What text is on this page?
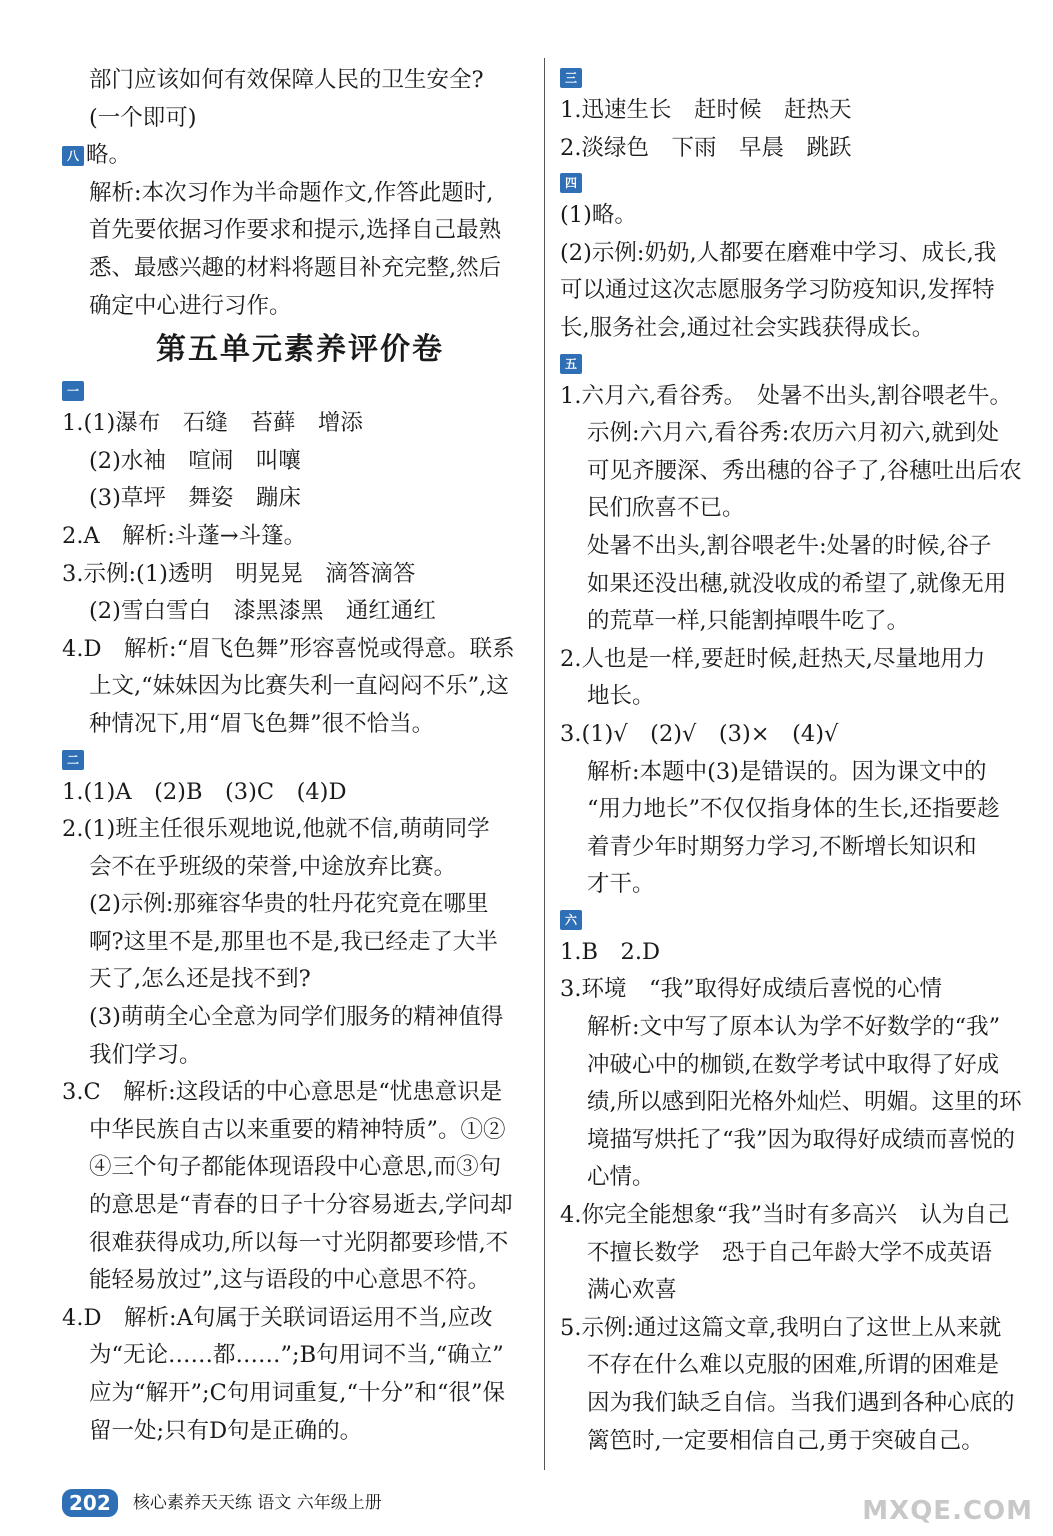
部门应该如何有效保障人民的卫生安全?
(一个即可)
八 略。
解析:本次习作为半命题作文,作答此题时,
首先要依据习作要求和提示,选择自己最熟
悉、最感兴趣的材料将题目补充完整,然后
确定中心进行习作。
第五单元素养评价卷
一
1.(1)瀑布　石缝　苔藓　增添
(2)水袖　喧闹　叫嚷
(3)草坪　舞姿　蹦床
2.A　解析:斗蓬→斗篷。
3.示例:(1)透明　明晃晃　滴答滴答
(2)雪白雪白　漆黑漆黑　通红通红
4.D　解析:“眉飞色舞”形容喜悦或得意。联系
上文,“妹妹因为比赛失利一直闷闷不乐”,这
种情况下,用“眉飞色舞”很不恰当。
二
1.(1)A　(2)B　(3)C　(4)D
2.(1)班主任很乐观地说,他就不信,萌萌同学
会不在乎班级的荣誉,中途放弃比赛。
(2)示例:那雍容华贵的牡丹花究竟在哪里
啊?这里不是,那里也不是,我已经走了大半
天了,怎么还是找不到?
(3)萌萌全心全意为同学们服务的精神值得
我们学习。
3.C　解析:这段话的中心意思是“忧患意识是
中华民族自古以来重要的精神特质”。①②
④三个句子都能体现语段中心意思,而③句
的意思是“青春的日子十分容易逝去,学问却
很难获得成功,所以每一寸光阴都要珍惜,不
能轻易放过”,这与语段的中心意思不符。
4.D　解析:A句属于关联词语运用不当,应改
为“无论……都……”;B句用词不当,“确立”
应为“解开”;C句用词重复,“十分”和“很”保
留一处;只有D句是正确的。
三
1.迅速生长　赶时候　赶热天
2.淡绿色　下雨　早晨　跳跃
四
(1)略。
(2)示例:奶奶,人都要在磨难中学习、成长,我
可以通过这次志愿服务学习防疫知识,发挥特
长,服务社会,通过社会实践获得成长。
五
1.六月六,看谷秀。　处暑不出头,割谷喂老牛。
示例:六月六,看谷秀:农历六月初六,就到处
可见齐腰深、秀出穗的谷子了,谷穗吐出后农
民们欣喜不已。
处暑不出头,割谷喂老牛:处暑的时候,谷子
如果还没出穗,就没收成的希望了,就像无用
的荒草一样,只能割掉喂牛吃了。
2.人也是一样,要赶时候,赶热天,尽量地用力
地长。
3.(1)√　(2)√　(3)×　(4)√
解析:本题中(3)是错误的。因为课文中的
“用力地长”不仅仅指身体的生长,还指要趁
着青少年时期努力学习,不断增长知识和
才干。
六
1.B　2.D
3.环境　“我”取得好成绩后喜悦的心情
解析:文中写了原本认为学不好数学的“我”
冲破心中的枷锁,在数学考试中取得了好成
绩,所以感到阳光格外灿烂、明媚。这里的环
境描写烘托了“我”因为取得好成绩而喜悦的
心情。
4.你完全能想象“我”当时有多高兴　认为自己
不擅长数学　恐于自己年龄大学不成英语
满心欢喜
5.示例:通过这篇文章,我明白了这世上从来就
不存在什么难以克服的困难,所谓的困难是
因为我们缺乏自信。当我们遇到各种心底的
篱笆时,一定要相信自己,勇于突破自己。
202 核心素养天天练 语文 六年级上册	MXQE.COM
